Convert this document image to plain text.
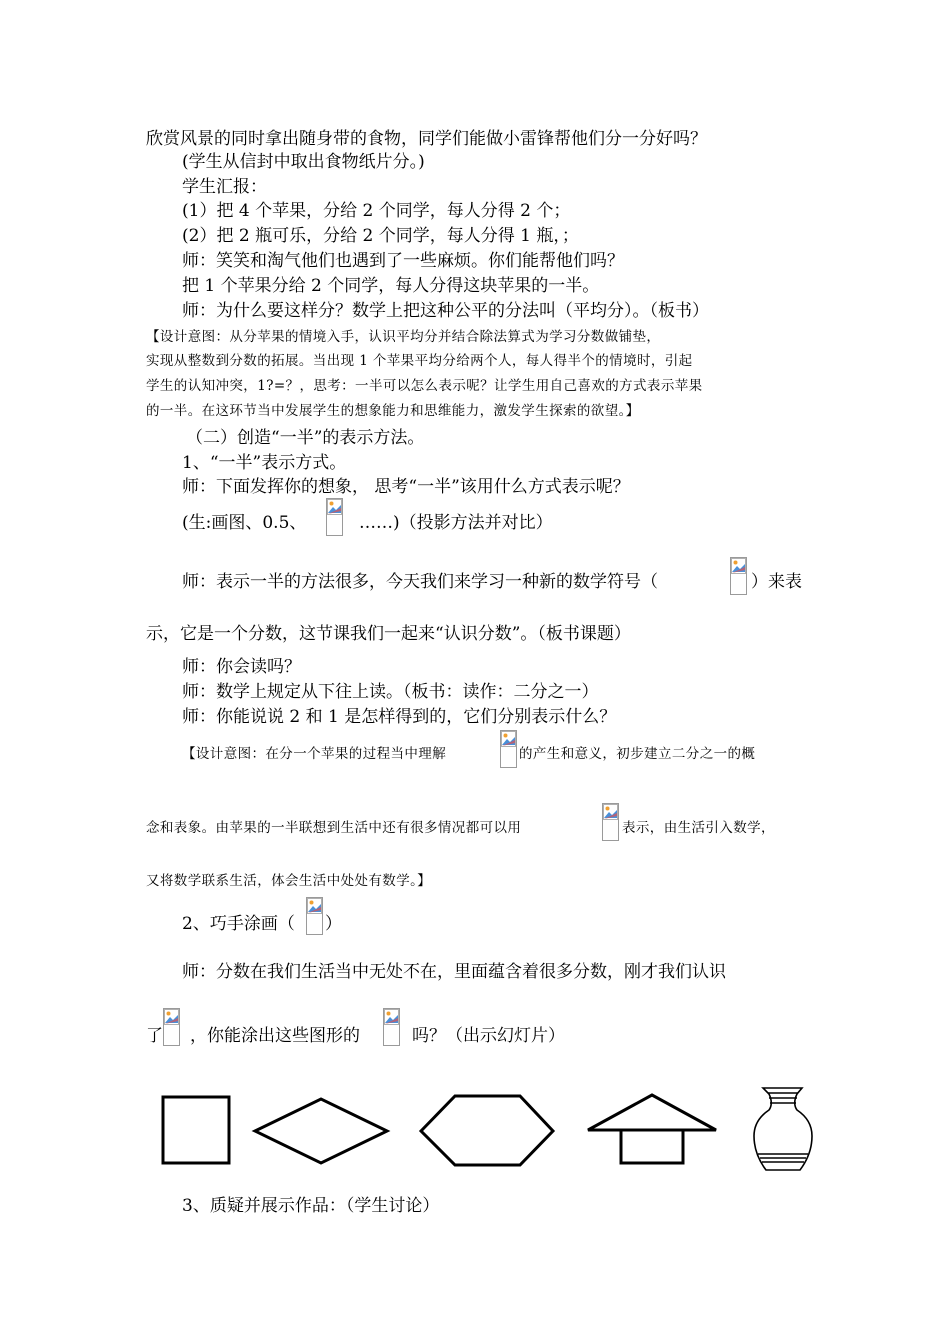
欣赏风景的同时拿出随身带的食物，同学们能做小雷锋帮他们分一分好吗？
(学生从信封中取出食物纸片分。)
学生汇报：
(1）把 4 个苹果，分给 2 个同学，每人分得 2 个；
(2）把 2 瓶可乐，分给 2 个同学，每人分得 1 瓶，；
师：笑笑和淘气他们也遇到了一些麻烦。你们能帮他们吗？
把 1 个苹果分给 2 个同学，每人分得这块苹果的一半。
师：为什么要这样分？数学上把这种公平的分法叫（平均分）。（板书）
【设计意图：从分苹果的情境入手，认识平均分并结合除法算式为学习分数做铺垫，
实现从整数到分数的拓展。当出现 1 个苹果平均分给两个人，每人得半个的情境时，引起
学生的认知冲突，1?=？，思考：一半可以怎么表示呢？让学生用自己喜欢的方式表示苹果
的一半。在这环节当中发展学生的想象能力和思维能力，激发学生探索的欲望。】
（二）创造“一半”的表示方法。
1、“一半”表示方式。
师：下面发挥你的想象， 思考“一半”该用什么方式表示呢？
(生:画图、0.5、	……)（投影方法并对比）
师：表示一半的方法很多，今天我们来学习一种新的数学符号（	）来表
示，它是一个分数，这节课我们一起来“认识分数”。（板书课题）
师：你会读吗？
师：数学上规定从下往上读。（板书：读作：二分之一）
师：你能说说 2 和 1 是怎样得到的，它们分别表示什么？
【设计意图：在分一个苹果的过程当中理解	的产生和意义，初步建立二分之一的概
念和表象。由苹果的一半联想到生活中还有很多情况都可以用	表示，由生活引入数学，
又将数学联系生活，体会生活中处处有数学。】
2、巧手涂画（ ）
师：分数在我们生活当中无处不在，里面蕴含着很多分数，刚才我们认识
了 ，你能涂出这些图形的	吗？（出示幻灯片）
3、质疑并展示作品：（学生讨论）
